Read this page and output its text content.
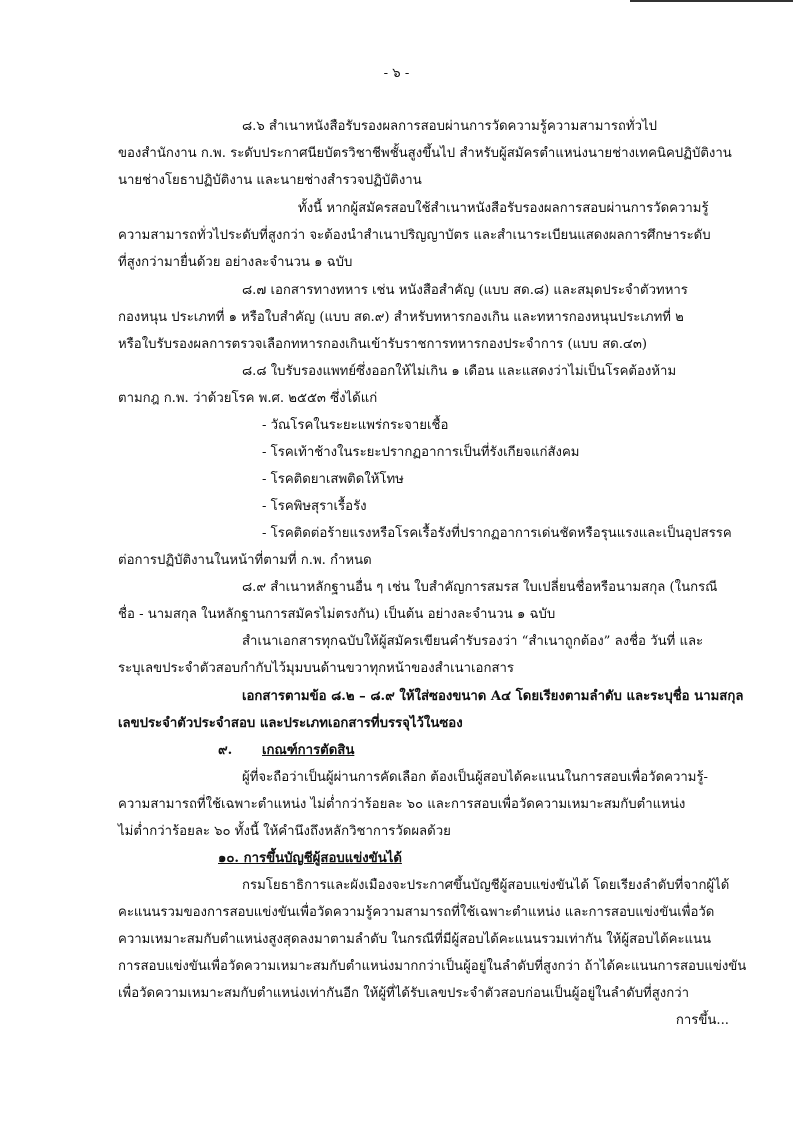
- ๖ -
๘.๖ สำเนาหนังสือรับรองผลการสอบผ่านการวัดความรู้ความสามารถทั่วไป
ของสำนักงาน ก.พ. ระดับประกาศนียบัตรวิชาชีพชั้นสูงขึ้นไป สำหรับผู้สมัครตำแหน่งนายช่างเทคนิคปฏิบัติงาน
นายช่างโยธาปฏิบัติงาน และนายช่างสำรวจปฏิบัติงาน
ทั้งนี้ หากผู้สมัครสอบใช้สำเนาหนังสือรับรองผลการสอบผ่านการวัดความรู้
ความสามารถทั่วไประดับที่สูงกว่า จะต้องนำสำเนาปริญญาบัตร และสำเนาระเบียนแสดงผลการศึกษาระดับ
ที่สูงกว่ามายื่นด้วย อย่างละจำนวน ๑ ฉบับ
๘.๗ เอกสารทางทหาร เช่น หนังสือสำคัญ (แบบ สด.๘) และสมุดประจำตัวทหาร
กองหนุน ประเภทที่ ๑ หรือใบสำคัญ (แบบ สด.๙) สำหรับทหารกองเกิน และทหารกองหนุนประเภทที่ ๒
หรือใบรับรองผลการตรวจเลือกทหารกองเกินเข้ารับราชการทหารกองประจำการ (แบบ สด.๔๓)
๘.๘ ใบรับรองแพทย์ซึ่งออกให้ไม่เกิน ๑ เดือน และแสดงว่าไม่เป็นโรคต้องห้าม
ตามกฎ ก.พ. ว่าด้วยโรค พ.ศ. ๒๕๕๓ ซึ่งได้แก่
- วัณโรคในระยะแพร่กระจายเชื้อ
- โรคเท้าช้างในระยะปรากฏอาการเป็นที่รังเกียจแก่สังคม
- โรคติดยาเสพติดให้โทษ
- โรคพิษสุราเรื้อรัง
- โรคติดต่อร้ายแรงหรือโรคเรื้อรังที่ปรากฏอาการเด่นชัดหรือรุนแรงและเป็นอุปสรรค
ต่อการปฏิบัติงานในหน้าที่ตามที่ ก.พ. กำหนด
๘.๙ สำเนาหลักฐานอื่น ๆ เช่น ใบสำคัญการสมรส ใบเปลี่ยนชื่อหรือนามสกุล (ในกรณี
ชื่อ - นามสกุล ในหลักฐานการสมัครไม่ตรงกัน) เป็นต้น อย่างละจำนวน ๑ ฉบับ
สำเนาเอกสารทุกฉบับให้ผู้สมัครเขียนคำรับรองว่า “สำเนาถูกต้อง” ลงชื่อ วันที่ และ
ระบุเลขประจำตัวสอบกำกับไว้มุมบนด้านขวาทุกหน้าของสำเนาเอกสาร
เอกสารตามข้อ ๘.๒ – ๘.๙ ให้ใส่ซองขนาด A๔ โดยเรียงตามลำดับ และระบุชื่อ นามสกุล
เลขประจำตัวประจำสอบ และประเภทเอกสารที่บรรจุไว้ในซอง
๙. เกณฑ์การตัดสิน
ผู้ที่จะถือว่าเป็นผู้ผ่านการคัดเลือก ต้องเป็นผู้สอบได้คะแนนในการสอบเพื่อวัดความรู้-
ความสามารถที่ใช้เฉพาะตำแหน่ง ไม่ต่ำกว่าร้อยละ ๖๐ และการสอบเพื่อวัดความเหมาะสมกับตำแหน่ง
ไม่ต่ำกว่าร้อยละ ๖๐ ทั้งนี้ ให้คำนึงถึงหลักวิชาการวัดผลด้วย
๑๐. การขึ้นบัญชีผู้สอบแข่งขันได้
กรมโยธาธิการและผังเมืองจะประกาศขึ้นบัญชีผู้สอบแข่งขันได้ โดยเรียงลำดับที่จากผู้ได้
คะแนนรวมของการสอบแข่งขันเพื่อวัดความรู้ความสามารถที่ใช้เฉพาะตำแหน่ง และการสอบแข่งขันเพื่อวัด
ความเหมาะสมกับตำแหน่งสูงสุดลงมาตามลำดับ ในกรณีที่มีผู้สอบได้คะแนนรวมเท่ากัน ให้ผู้สอบได้คะแนน
การสอบแข่งขันเพื่อวัดความเหมาะสมกับตำแหน่งมากกว่าเป็นผู้อยู่ในลำดับที่สูงกว่า ถ้าได้คะแนนการสอบแข่งขัน
เพื่อวัดความเหมาะสมกับตำแหน่งเท่ากันอีก ให้ผู้ที่ได้รับเลขประจำตัวสอบก่อนเป็นผู้อยู่ในลำดับที่สูงกว่า
การขึ้น...
